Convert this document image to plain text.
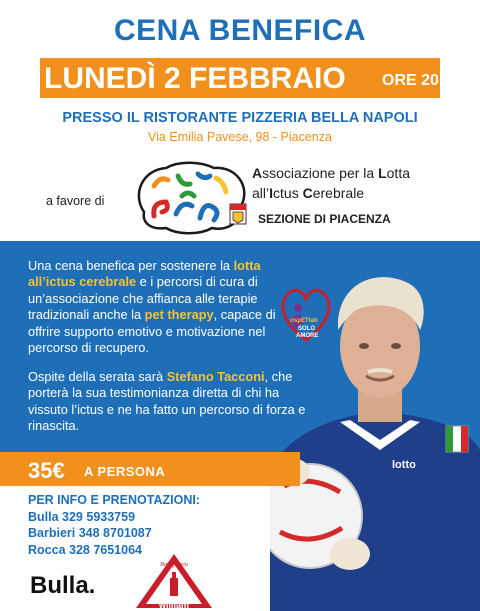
CENA BENEFICA
LUNEDÌ 2 FEBBRAIO ORE 20
PRESSO IL RISTORANTE PIZZERIA BELLA NAPOLI
Via Emilia Pavese, 98 - Piacenza
a favore di
Associazione per la Lotta
all’Ictus Cerebrale
SEZIONE DI PIACENZA
Una cena benefica per sostenere la lotta all’ictus cerebrale e i percorsi di cura di un’associazione che affianca alle terapie tradizionali anche la pet therapy, capace di offrire supporto emotivo e motivazione nel percorso di recupero.
Ospite della serata sarà Stefano Tacconi, che porterà la sua testimonianza diretta di chi ha vissuto l’ictus e ne ha fatto un percorso di forza e rinascita.
lotto
rispETtati
SOLO
AMORE
35€ A PERSONA
PER INFO E PRENOTAZIONI:
Bulla 329 5933759
Barbieri 348 8701087
Rocca 328 7651064
Bulla.
Bottiglieria
william
